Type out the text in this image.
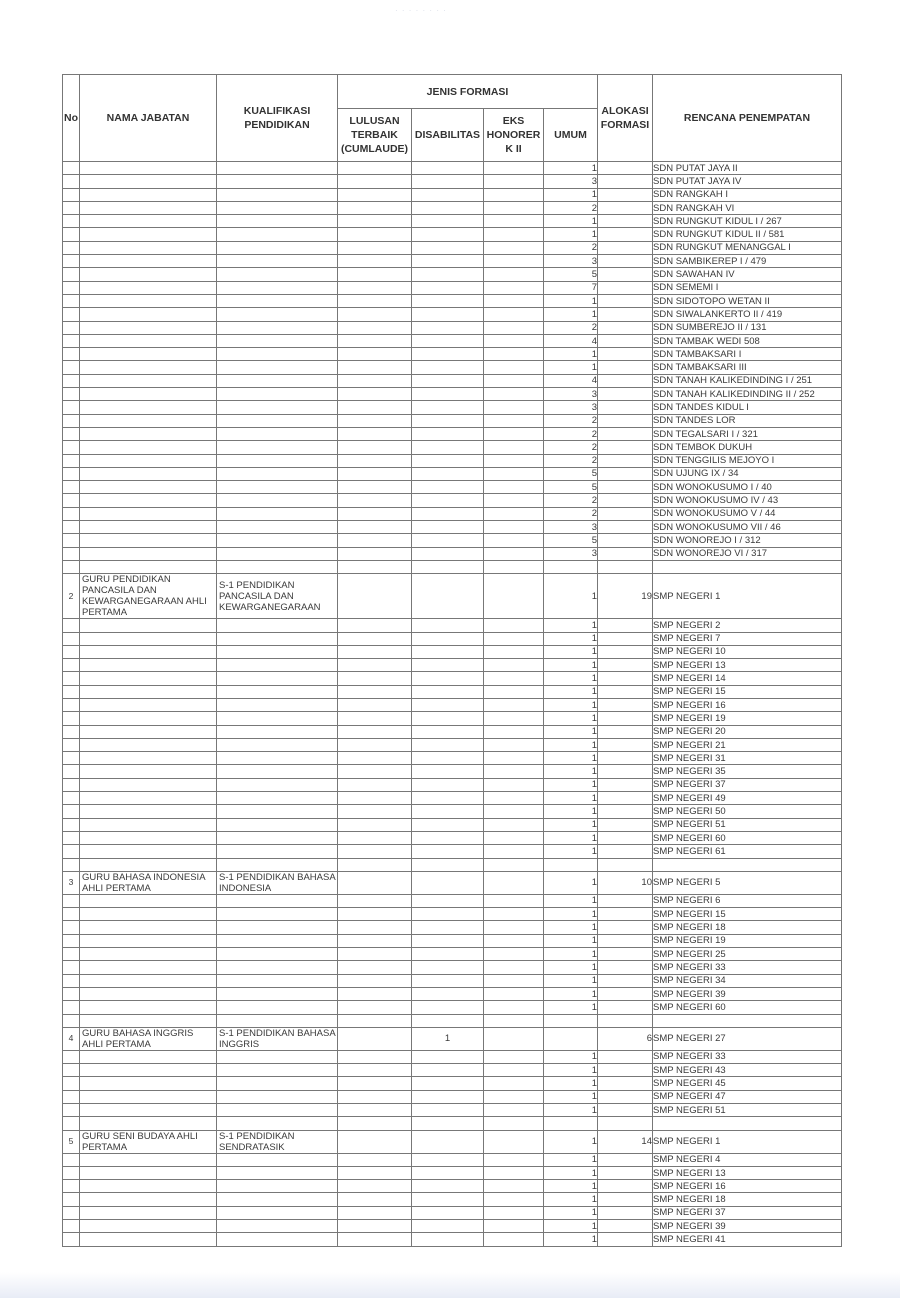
· · · · · · · ·
No	NAMA JABATAN	KUALIFIKASI PENDIDIKAN	JENIS FORMASI				ALOKASI FORMASI	RENCANA PENEMPATAN
			LULUSAN TERBAIK (CUMLAUDE)	DISABILITAS	EKS HONORER K II	UMUM		
						1		SDN PUTAT JAYA II
						3		SDN PUTAT JAYA IV
						1		SDN RANGKAH I
						2		SDN RANGKAH VI
						1		SDN RUNGKUT KIDUL I / 267
						1		SDN RUNGKUT KIDUL II / 581
						2		SDN RUNGKUT MENANGGAL I
						3		SDN SAMBIKEREP I / 479
						5		SDN SAWAHAN IV
						7		SDN SEMEMI I
						1		SDN SIDOTOPO WETAN II
						1		SDN SIWALANKERTO II / 419
						2		SDN SUMBEREJO II / 131
						4		SDN TAMBAK WEDI 508
						1		SDN TAMBAKSARI I
						1		SDN TAMBAKSARI III
						4		SDN TANAH KALIKEDINDING I / 251
						3		SDN TANAH KALIKEDINDING II / 252
						3		SDN TANDES KIDUL I
						2		SDN TANDES LOR
						2		SDN TEGALSARI I / 321
						2		SDN TEMBOK DUKUH
						2		SDN TENGGILIS MEJOYO I
						5		SDN UJUNG IX / 34
						5		SDN WONOKUSUMO I / 40
						2		SDN WONOKUSUMO IV / 43
						2		SDN WONOKUSUMO V / 44
						3		SDN WONOKUSUMO VII / 46
						5		SDN WONOREJO I / 312
						3		SDN WONOREJO VI / 317

2	GURU PENDIDIKAN PANCASILA DAN KEWARGANEGARAAN AHLI PERTAMA	S-1 PENDIDIKAN PANCASILA DAN KEWARGANEGARAAN				1	19	SMP NEGERI 1
						1		SMP NEGERI 2
						1		SMP NEGERI 7
						1		SMP NEGERI 10
						1		SMP NEGERI 13
						1		SMP NEGERI 14
						1		SMP NEGERI 15
						1		SMP NEGERI 16
						1		SMP NEGERI 19
						1		SMP NEGERI 20
						1		SMP NEGERI 21
						1		SMP NEGERI 31
						1		SMP NEGERI 35
						1		SMP NEGERI 37
						1		SMP NEGERI 49
						1		SMP NEGERI 50
						1		SMP NEGERI 51
						1		SMP NEGERI 60
						1		SMP NEGERI 61

3	GURU BAHASA INDONESIA AHLI PERTAMA	S-1 PENDIDIKAN BAHASA INDONESIA				1	10	SMP NEGERI 5
						1		SMP NEGERI 6
						1		SMP NEGERI 15
						1		SMP NEGERI 18
						1		SMP NEGERI 19
						1		SMP NEGERI 25
						1		SMP NEGERI 33
						1		SMP NEGERI 34
						1		SMP NEGERI 39
						1		SMP NEGERI 60

4	GURU BAHASA INGGRIS AHLI PERTAMA	S-1 PENDIDIKAN BAHASA INGGRIS		1			6	SMP NEGERI 27
						1		SMP NEGERI 33
						1		SMP NEGERI 43
						1		SMP NEGERI 45
						1		SMP NEGERI 47
						1		SMP NEGERI 51

5	GURU SENI BUDAYA AHLI PERTAMA	S-1 PENDIDIKAN SENDRATASIK				1	14	SMP NEGERI 1
						1		SMP NEGERI 4
						1		SMP NEGERI 13
						1		SMP NEGERI 16
						1		SMP NEGERI 18
						1		SMP NEGERI 37
						1		SMP NEGERI 39
						1		SMP NEGERI 41
